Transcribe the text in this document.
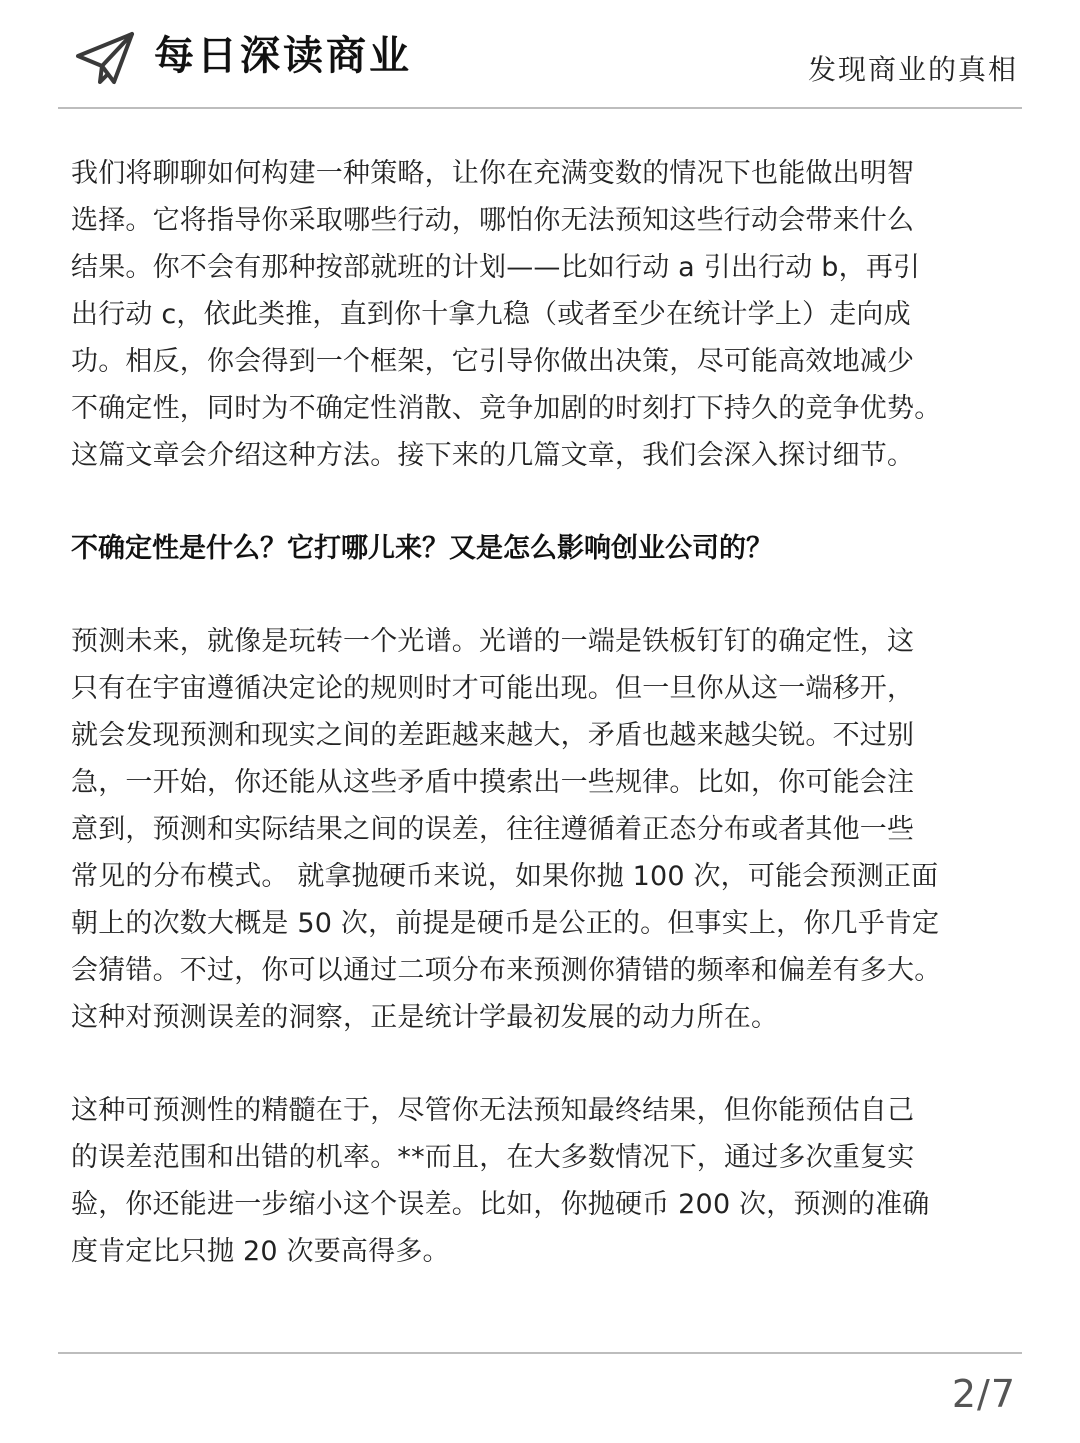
每日深读商业	发现商业的真相

我们将聊聊如何构建一种策略，让你在充满变数的情况下也能做出明智
选择。它将指导你采取哪些行动，哪怕你无法预知这些行动会带来什么
结果。你不会有那种按部就班的计划——比如行动 a 引出行动 b，再引
出行动 c，依此类推，直到你十拿九稳（或者至少在统计学上）走向成
功。相反，你会得到一个框架，它引导你做出决策，尽可能高效地减少
不确定性，同时为不确定性消散、竞争加剧的时刻打下持久的竞争优势。
这篇文章会介绍这种方法。接下来的几篇文章，我们会深入探讨细节。

不确定性是什么？它打哪儿来？又是怎么影响创业公司的？

预测未来，就像是玩转一个光谱。光谱的一端是铁板钉钉的确定性，这
只有在宇宙遵循决定论的规则时才可能出现。但一旦你从这一端移开，
就会发现预测和现实之间的差距越来越大，矛盾也越来越尖锐。不过别
急，一开始，你还能从这些矛盾中摸索出一些规律。比如，你可能会注
意到，预测和实际结果之间的误差，往往遵循着正态分布或者其他一些
常见的分布模式。 就拿抛硬币来说，如果你抛 100 次，可能会预测正面
朝上的次数大概是 50 次，前提是硬币是公正的。但事实上，你几乎肯定
会猜错。不过，你可以通过二项分布来预测你猜错的频率和偏差有多大。
这种对预测误差的洞察，正是统计学最初发展的动力所在。

这种可预测性的精髓在于，尽管你无法预知最终结果，但你能预估自己
的误差范围和出错的机率。**而且，在大多数情况下，通过多次重复实
验，你还能进一步缩小这个误差。比如，你抛硬币 200 次，预测的准确
度肯定比只抛 20 次要高得多。

2/7
